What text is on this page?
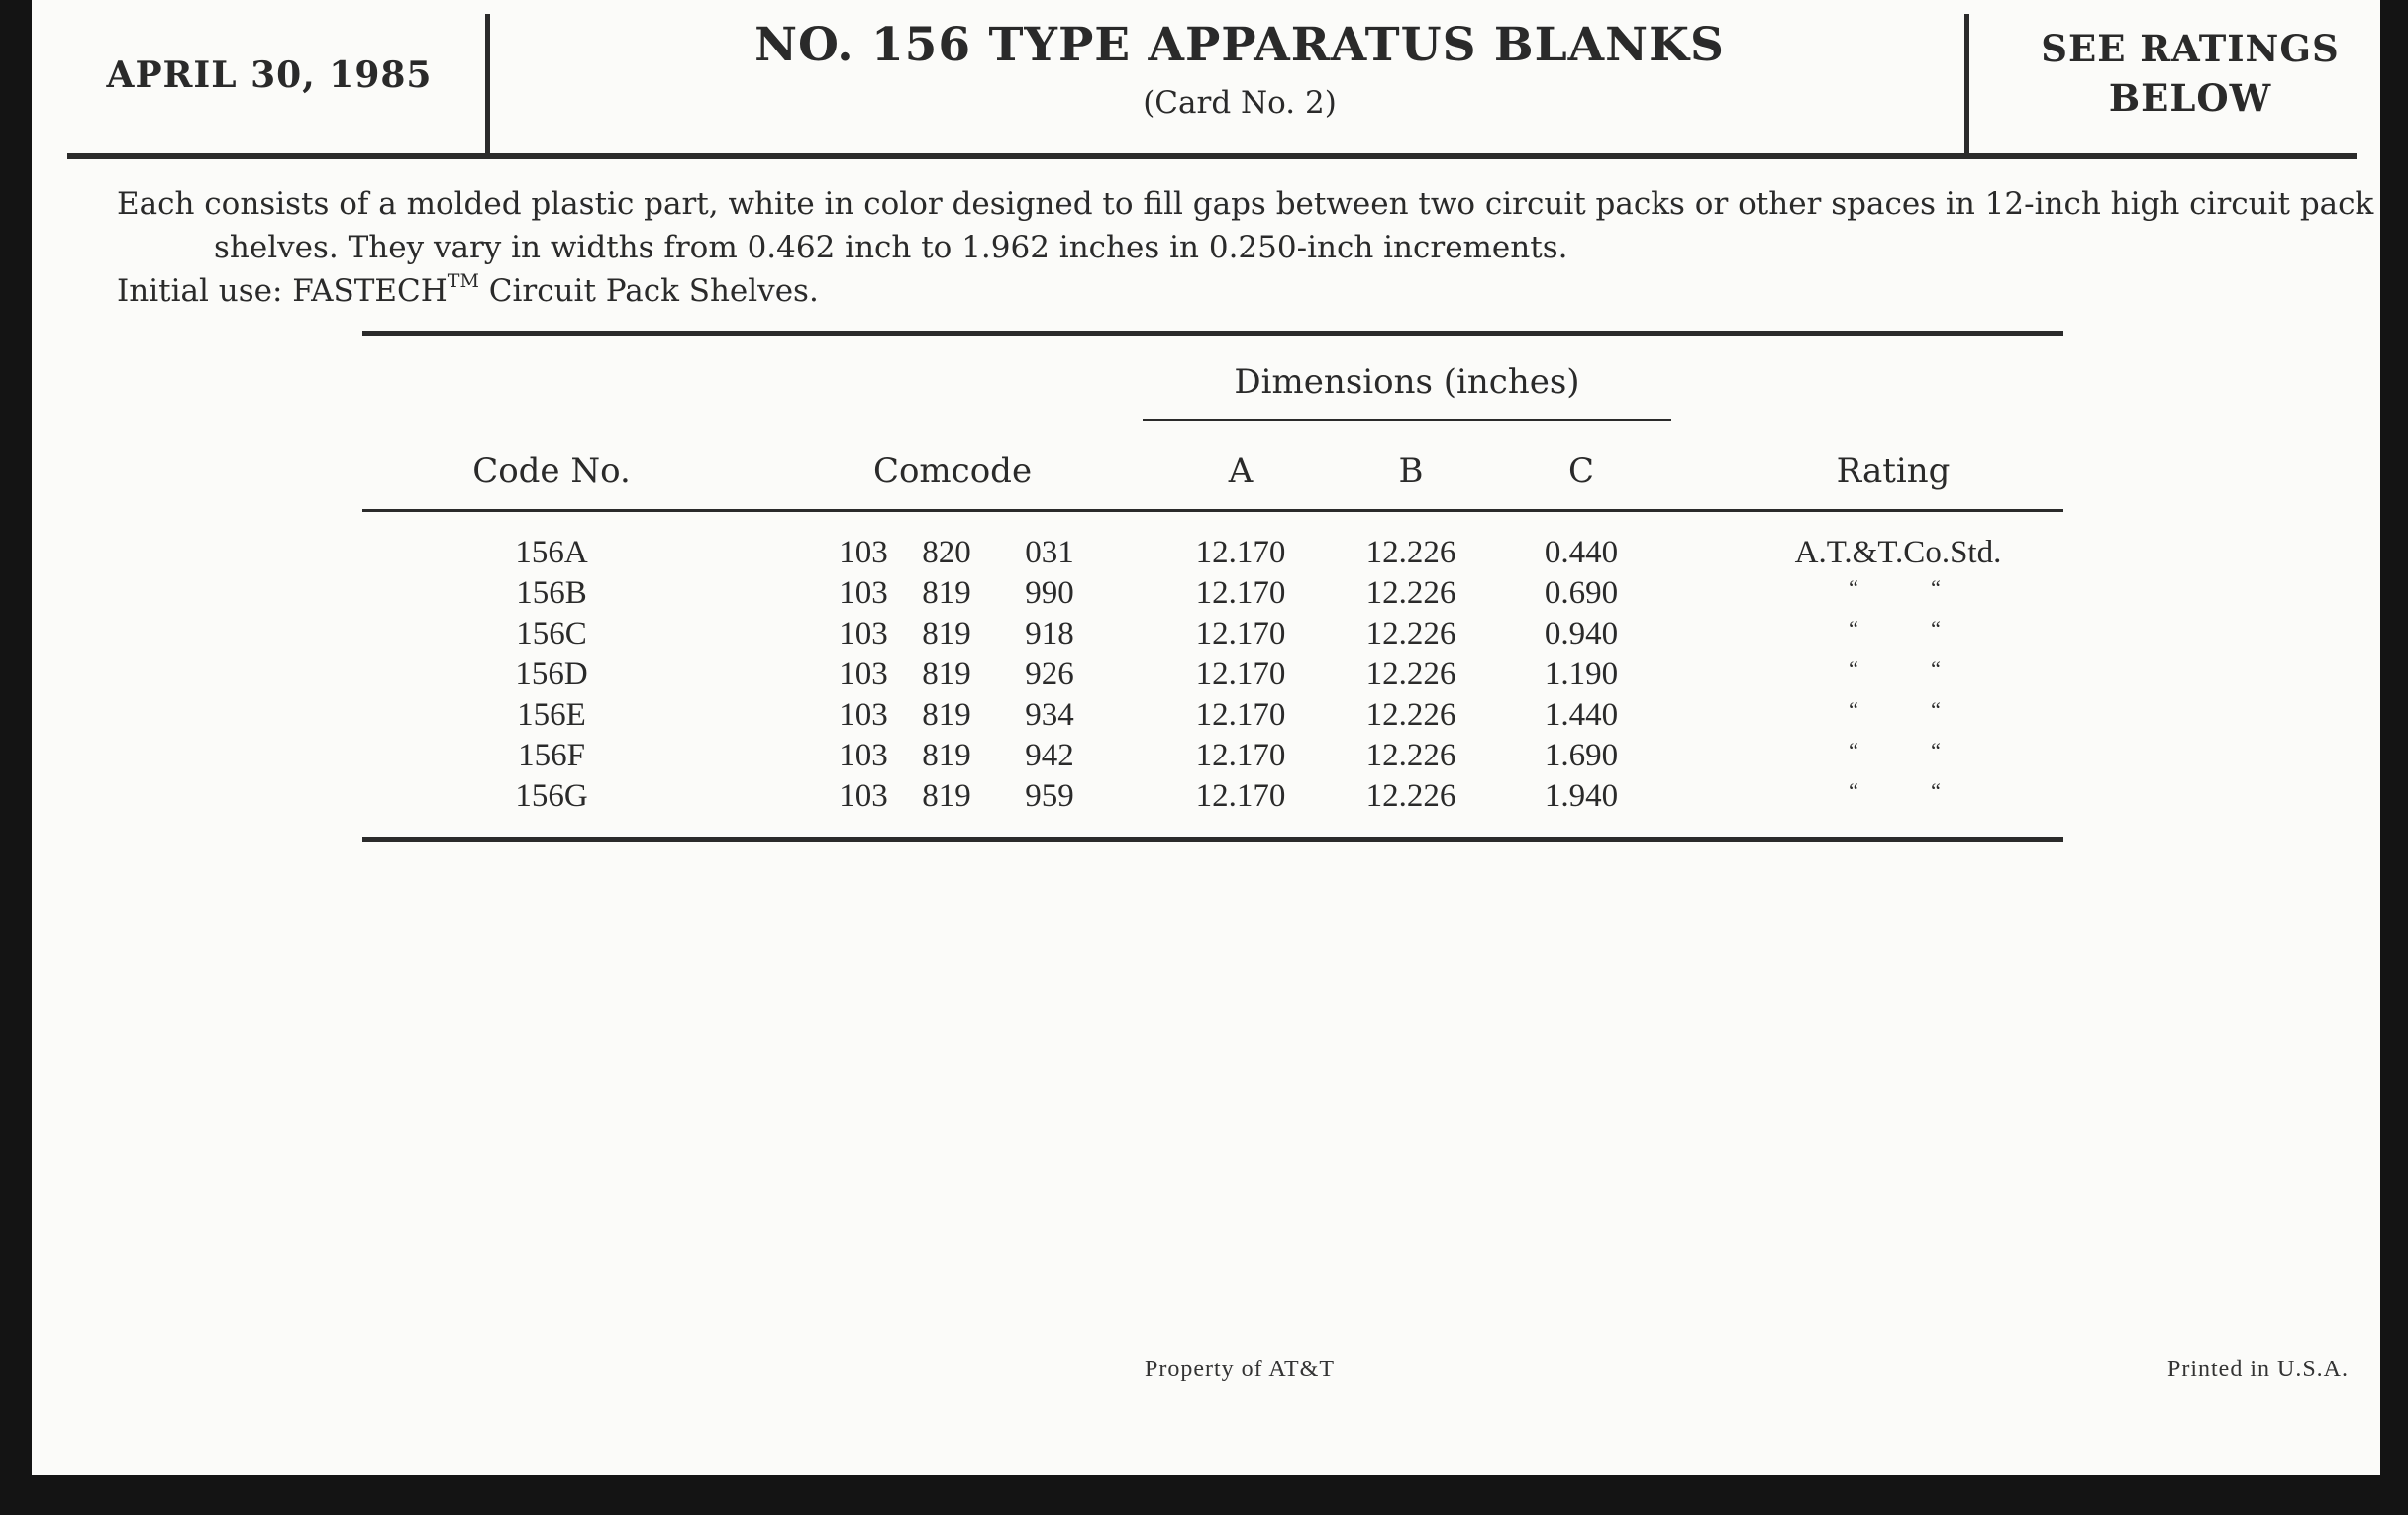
APRIL 30, 1985
NO. 156 TYPE APPARATUS BLANKS
(Card No. 2)
SEE RATINGS
BELOW
Each consists of a molded plastic part, white in color designed to fill gaps between two circuit packs or other spaces in 12-inch high circuit pack
shelves. They vary in widths from 0.462 inch to 1.962 inches in 0.250-inch increments.
Initial use: FASTECH™ Circuit Pack Shelves.
Dimensions (inches)
Code No.	Comcode	A	B	C	Rating
156A	103	820	031	12.170	12.226	0.440	A.T.&T.Co.Std.
156B	103	819	990	12.170	12.226	0.690	“	“
156C	103	819	918	12.170	12.226	0.940	“	“
156D	103	819	926	12.170	12.226	1.190	“	“
156E	103	819	934	12.170	12.226	1.440	“	“
156F	103	819	942	12.170	12.226	1.690	“	“
156G	103	819	959	12.170	12.226	1.940	“	“
Property of AT&T	Printed in U.S.A.
